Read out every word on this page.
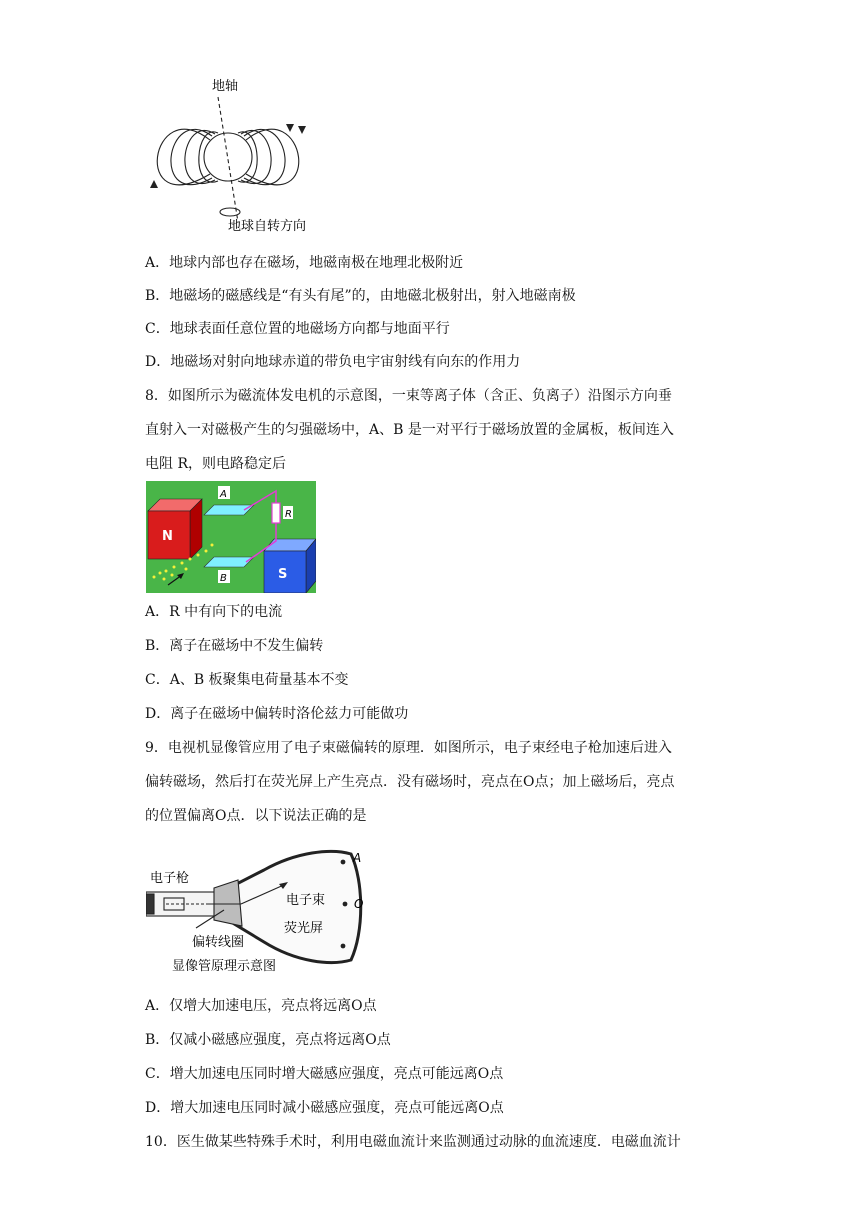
地轴
地球自转方向
A．地球内部也存在磁场，地磁南极在地理北极附近
B．地磁场的磁感线是“有头有尾”的，由地磁北极射出，射入地磁南极
C．地球表面任意位置的地磁场方向都与地面平行
D．地磁场对射向地球赤道的带负电宇宙射线有向东的作用力
8．如图所示为磁流体发电机的示意图，一束等离子体（含正、负离子）沿图示方向垂
直射入一对磁极产生的匀强磁场中，A、B 是一对平行于磁场放置的金属板，板间连入
电阻 R，则电路稳定后
N
S
R
A
B
A．R 中有向下的电流
B．离子在磁场中不发生偏转
C．A、B 板聚集电荷量基本不变
D．离子在磁场中偏转时洛伦兹力可能做功
9．电视机显像管应用了电子束磁偏转的原理．如图所示，电子束经电子枪加速后进入
偏转磁场，然后打在荧光屏上产生亮点．没有磁场时，亮点在O点；加上磁场后，亮点
的位置偏离O点．以下说法正确的是
A
O
电子枪
电子束
荧光屏
偏转线圈
显像管原理示意图
A．仅增大加速电压，亮点将远离O点
B．仅减小磁感应强度，亮点将远离O点
C．增大加速电压同时增大磁感应强度，亮点可能远离O点
D．增大加速电压同时减小磁感应强度，亮点可能远离O点
10．医生做某些特殊手术时，利用电磁血流计来监测通过动脉的血流速度．电磁血流计
